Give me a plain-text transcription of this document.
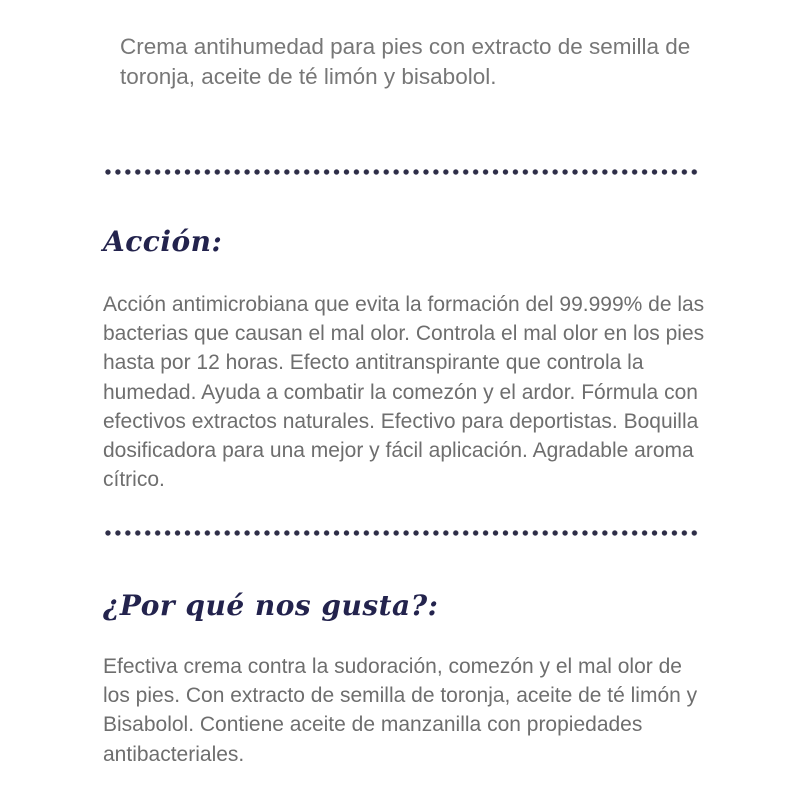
Crema antihumedad para pies con extracto de semilla de toronja, aceite de té limón y bisabolol.

Acción:

Acción antimicrobiana que evita la formación del 99.999% de las bacterias que causan el mal olor. Controla el mal olor en los pies hasta por 12 horas. Efecto antitranspirante que controla la humedad. Ayuda a combatir la comezón y el ardor. Fórmula con efectivos extractos naturales. Efectivo para deportistas. Boquilla dosificadora para una mejor y fácil aplicación. Agradable aroma cítrico.

¿Por qué nos gusta?:

Efectiva crema contra la sudoración, comezón y el mal olor de los pies. Con extracto de semilla de toronja, aceite de té limón y Bisabolol. Contiene aceite de manzanilla con propiedades antibacteriales.
